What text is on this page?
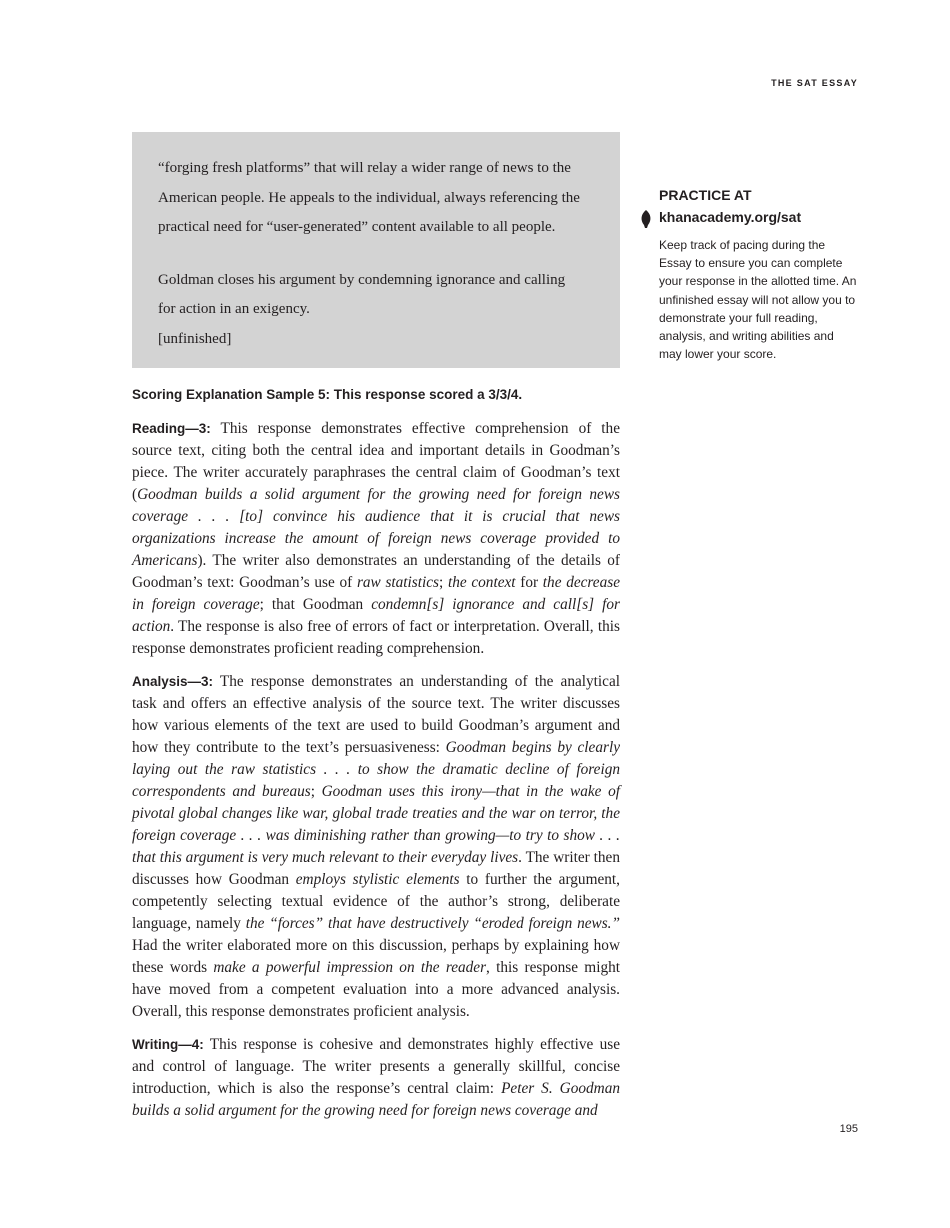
THE SAT ESSAY

“forging fresh platforms” that will relay a wider range of news to the

American people. He appeals to the individual, always referencing the

practical need for “user-generated” content available to all people.

Goldman closes his argument by condemning ignorance and calling

for action in an exigency.

[unfinished]

Scoring Explanation Sample 5: This response scored a 3/3/4.

Reading—3: This response demonstrates effective comprehension of the source text, citing both the central idea and important details in Goodman’s piece. The writer accurately paraphrases the central claim of Goodman’s text (Goodman builds a solid argument for the growing need for foreign news coverage . . . [to] convince his audience that it is crucial that news organizations increase the amount of foreign news coverage provided to Americans). The writer also demonstrates an understanding of the details of Goodman’s text: Goodman’s use of raw statistics; the context for the decrease in foreign coverage; that Goodman condemn[s] ignorance and call[s] for action. The response is also free of errors of fact or interpretation. Overall, this response demonstrates proficient reading comprehension.

Analysis—3: The response demonstrates an understanding of the analytical task and offers an effective analysis of the source text. The writer discusses how various elements of the text are used to build Goodman’s argument and how they contribute to the text’s persuasiveness: Goodman begins by clearly laying out the raw statistics . . . to show the dramatic decline of foreign correspondents and bureaus; Goodman uses this irony—that in the wake of pivotal global changes like war, global trade treaties and the war on terror, the foreign coverage . . . was diminishing rather than growing—to try to show . . . that this argument is very much relevant to their everyday lives. The writer then discusses how Goodman employs stylistic elements to further the argument, competently selecting textual evidence of the author’s strong, deliberate language, namely the “forces” that have destructively “eroded foreign news.” Had the writer elaborated more on this discussion, perhaps by explaining how these words make a powerful impression on the reader, this response might have moved from a competent evaluation into a more advanced analysis. Overall, this response demonstrates proficient analysis.

Writing—4: This response is cohesive and demonstrates highly effective use and control of language. The writer presents a generally skillful, concise introduction, which is also the response’s central claim: Peter S. Goodman builds a solid argument for the growing need for foreign news coverage and

PRACTICE AT
khanacademy.org/sat
Keep track of pacing during the Essay to ensure you can complete your response in the allotted time. An unfinished essay will not allow you to demonstrate your full reading, analysis, and writing abilities and may lower your score.
195
